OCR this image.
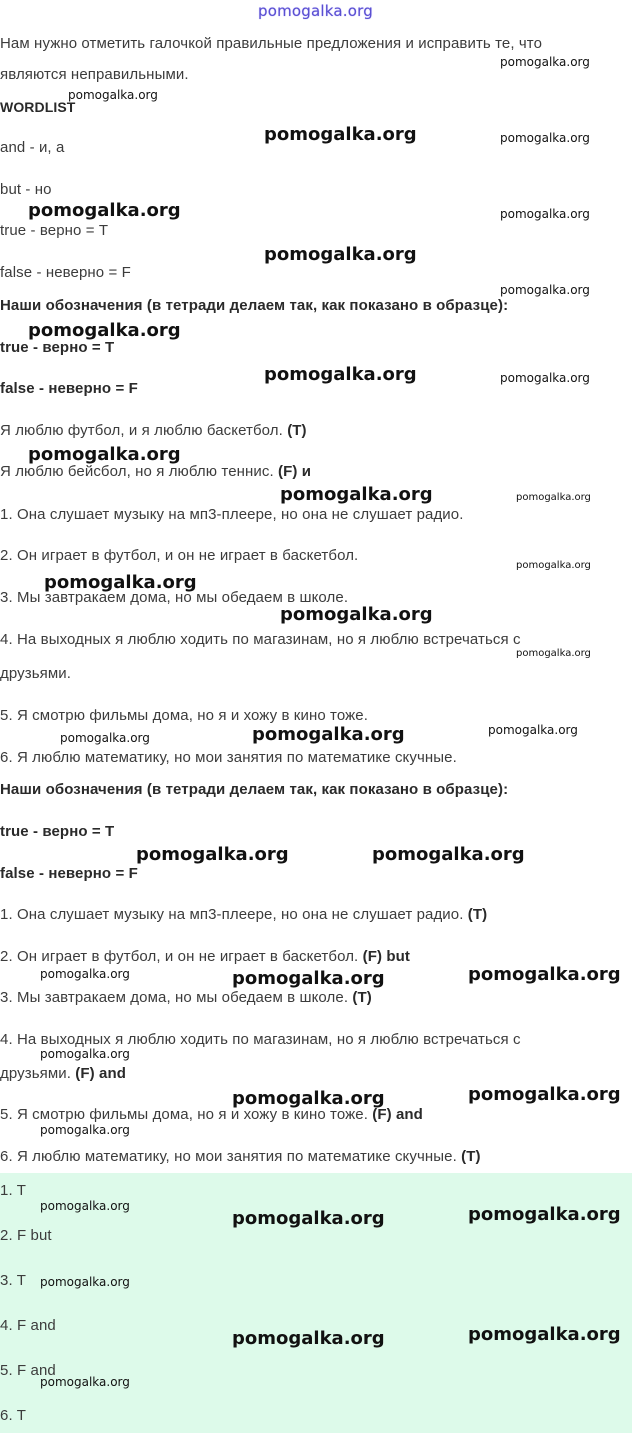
pomogalka.org
Нам нужно отметить галочкой правильные предложения и исправить те, что
являются неправильными.
WORDLIST
and - и, а
but - но
true - верно = T
false - неверно = F
Наши обозначения (в тетради делаем так, как показано в образце):
true - верно = T
false - неверно = F
Я люблю футбол, и я люблю баскетбол. (T)
Я люблю бейсбол, но я люблю теннис. (F) и
1. Она слушает музыку на мп3-плеере, но она не слушает радио.
2. Он играет в футбол, и он не играет в баскетбол.
3. Мы завтракаем дома, но мы обедаем в школе.
4. На выходных я люблю ходить по магазинам, но я люблю встречаться с
друзьями.
5. Я смотрю фильмы дома, но я и хожу в кино тоже.
6. Я люблю математику, но мои занятия по математике скучные.
Наши обозначения (в тетради делаем так, как показано в образце):
true - верно = T
false - неверно = F
1. Она слушает музыку на мп3-плеере, но она не слушает радио. (T)
2. Он играет в футбол, и он не играет в баскетбол. (F) but
3. Мы завтракаем дома, но мы обедаем в школе. (T)
4. На выходных я люблю ходить по магазинам, но я люблю встречаться с
друзьями. (F) and
5. Я смотрю фильмы дома, но я и хожу в кино тоже. (F) and
6. Я люблю математику, но мои занятия по математике скучные. (T)
1. T
2. F but
3. T
4. F and
5. F and
6. T
pomogalka.org
pomogalka.org
pomogalka.org	pomogalka.org
pomogalka.org	pomogalka.org
pomogalka.org
pomogalka.org
pomogalka.org
pomogalka.org	pomogalka.org
pomogalka.org
pomogalka.org	pomogalka.org
pomogalka.org
pomogalka.org
pomogalka.org
pomogalka.org
pomogalka.org
pomogalka.org
pomogalka.org
pomogalka.org	pomogalka.org
pomogalka.org	pomogalka.org	pomogalka.org
pomogalka.org
pomogalka.org	pomogalka.org
pomogalka.org
pomogalka.org
pomogalka.org	pomogalka.org
pomogalka.org
pomogalka.org	pomogalka.org
pomogalka.org
